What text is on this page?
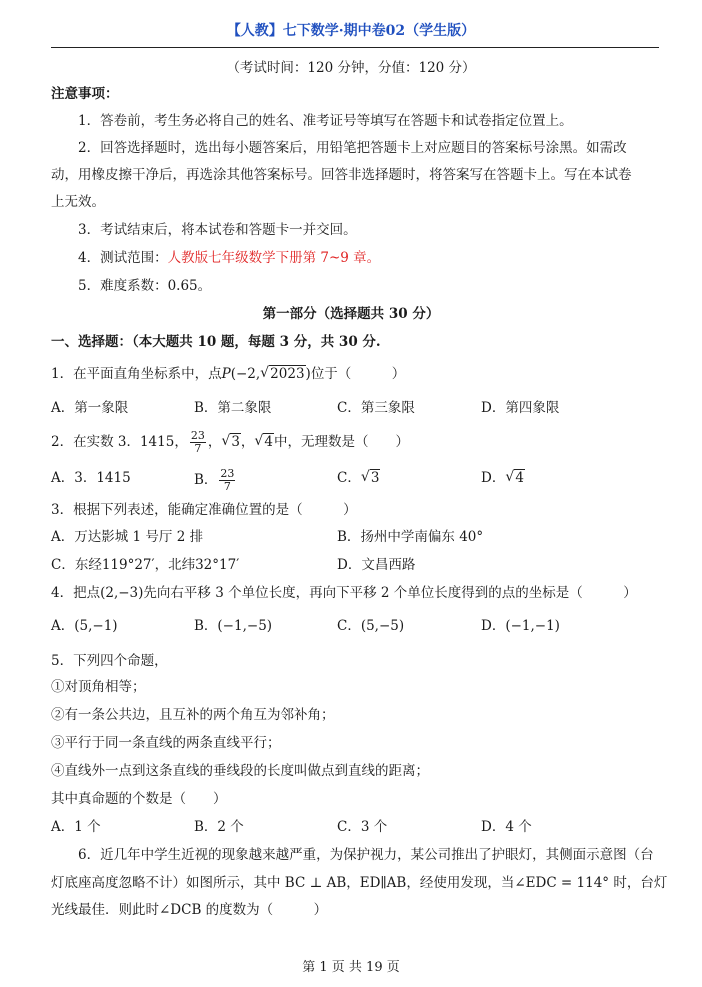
【人教】七下数学·期中卷02（学生版）
（考试时间：120 分钟，分值：120 分）
注意事项：
1．答卷前，考生务必将自己的姓名、准考证号等填写在答题卡和试卷指定位置上。
2．回答选择题时，选出每小题答案后，用铅笔把答题卡上对应题目的答案标号涂黑。如需改
动，用橡皮擦干净后，再选涂其他答案标号。回答非选择题时，将答案写在答题卡上。写在本试卷
上无效。
3．考试结束后，将本试卷和答题卡一并交回。
4．测试范围：人教版七年级数学下册第 7~9 章。
5．难度系数：0.65。
第一部分（选择题共 30 分）
一、选择题：（本大题共 10 题，每题 3 分，共 30 分.
1．在平面直角坐标系中，点P(−2, √ 2023)位于（　　　）
A．第一象限	B．第二象限	C．第三象限	D．第四象限
2．在实数 3．1415， $\frac{23}{7}$ ， √ 3， √ 4中，无理数是（　　）
A．3．1415	B． $\frac{23}{7}$	C． √ 3	D． √ 4
3．根据下列表述，能确定准确位置的是（　　　）
A．万达影城 1 号厅 2 排	B．扬州中学南偏东 40°
C．东经119°27′，北纬32°17′	D．文昌西路
4．把点(2,−3)先向右平移 3 个单位长度，再向下平移 2 个单位长度得到的点的坐标是（　　　）
A．(5,−1)	B．(−1,−5)	C．(5,−5)	D．(−1,−1)
5．下列四个命题，
①对顶角相等；
②有一条公共边，且互补的两个角互为邻补角；
③平行于同一条直线的两条直线平行；
④直线外一点到这条直线的垂线段的长度叫做点到直线的距离；
其中真命题的个数是（　　）
A．1 个	B．2 个	C．3 个	D．4 个
6．近几年中学生近视的现象越来越严重，为保护视力，某公司推出了护眼灯，其侧面示意图（台
灯底座高度忽略不计）如图所示，其中 BC ⊥ AB，ED∥AB，经使用发现，当∠EDC = 114° 时，台灯
光线最佳．则此时∠DCB 的度数为（　　　）
第 1 页 共 19 页
